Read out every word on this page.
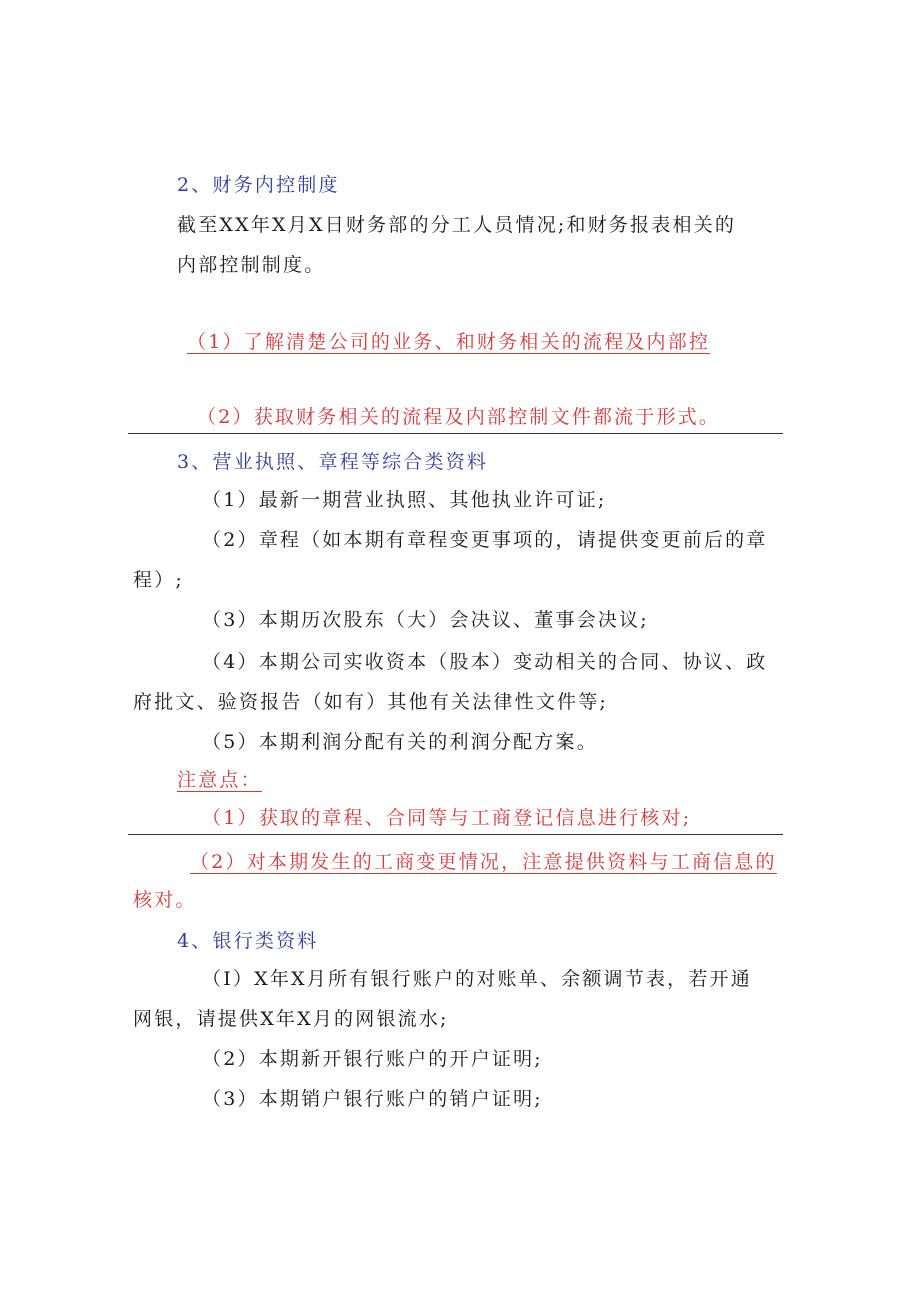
2、财务内控制度
截至XX年X月X日财务部的分工人员情况;和财务报表相关的
内部控制制度。
（1）了解清楚公司的业务、和财务相关的流程及内部控
（2）获取财务相关的流程及内部控制文件都流于形式。
3、营业执照、章程等综合类资料
（1）最新一期营业执照、其他执业许可证;
（2）章程（如本期有章程变更事项的，请提供变更前后的章
程）;
（3）本期历次股东（大）会决议、董事会决议;
（4）本期公司实收资本（股本）变动相关的合同、协议、政
府批文、验资报告（如有）其他有关法律性文件等;
（5）本期利润分配有关的利润分配方案。
注意点：
（1）获取的章程、合同等与工商登记信息进行核对;
（2）对本期发生的工商变更情况，注意提供资料与工商信息的
核对。
4、银行类资料
（I）X年X月所有银行账户的对账单、余额调节表，若开通
网银，请提供X年X月的网银流水;
（2）本期新开银行账户的开户证明;
（3）本期销户银行账户的销户证明;
